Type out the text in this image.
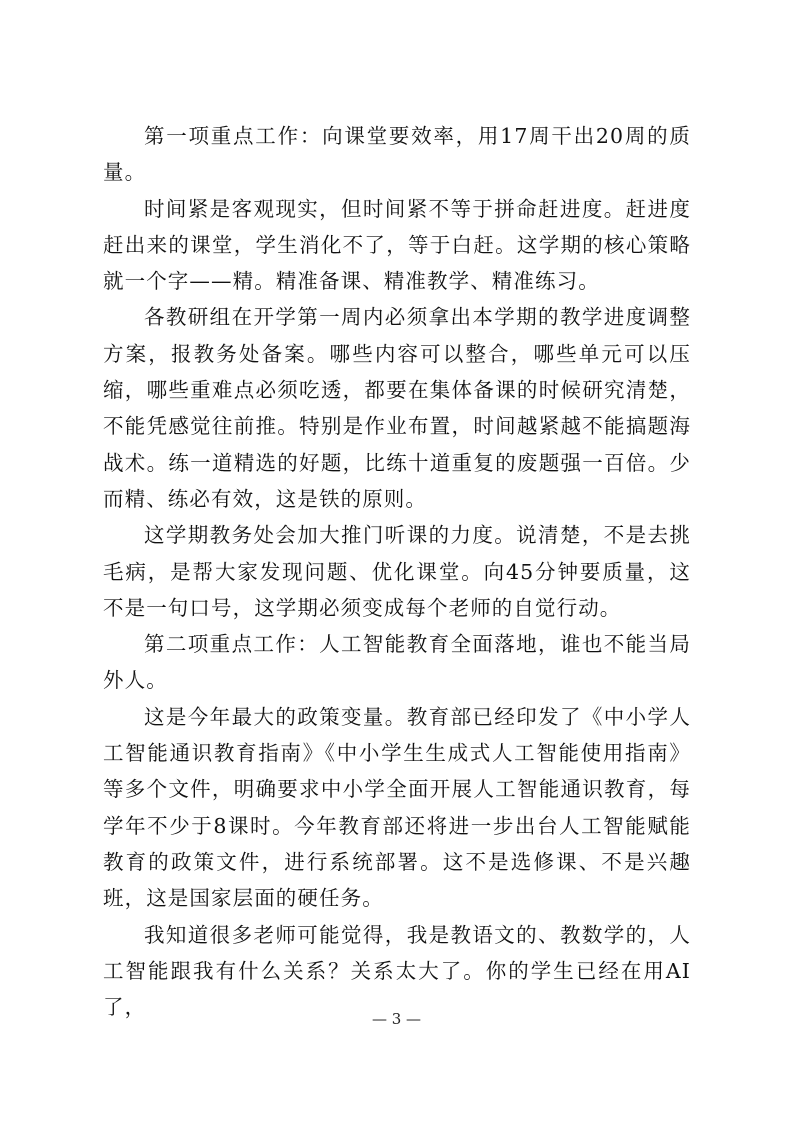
第一项重点工作：向课堂要效率，用17周干出20周的质量。

时间紧是客观现实，但时间紧不等于拼命赶进度。赶进度赶出来的课堂，学生消化不了，等于白赶。这学期的核心策略就一个字——精。精准备课、精准教学、精准练习。

各教研组在开学第一周内必须拿出本学期的教学进度调整方案，报教务处备案。哪些内容可以整合，哪些单元可以压缩，哪些重难点必须吃透，都要在集体备课的时候研究清楚，不能凭感觉往前推。特别是作业布置，时间越紧越不能搞题海战术。练一道精选的好题，比练十道重复的废题强一百倍。少而精、练必有效，这是铁的原则。

这学期教务处会加大推门听课的力度。说清楚，不是去挑毛病，是帮大家发现问题、优化课堂。向45分钟要质量，这不是一句口号，这学期必须变成每个老师的自觉行动。

第二项重点工作：人工智能教育全面落地，谁也不能当局外人。

这是今年最大的政策变量。教育部已经印发了《中小学人工智能通识教育指南》《中小学生生成式人工智能使用指南》等多个文件，明确要求中小学全面开展人工智能通识教育，每学年不少于8课时。今年教育部还将进一步出台人工智能赋能教育的政策文件，进行系统部署。这不是选修课、不是兴趣班，这是国家层面的硬任务。

我知道很多老师可能觉得，我是教语文的、教数学的，人工智能跟我有什么关系？关系太大了。你的学生已经在用AI了，	— 3 —
